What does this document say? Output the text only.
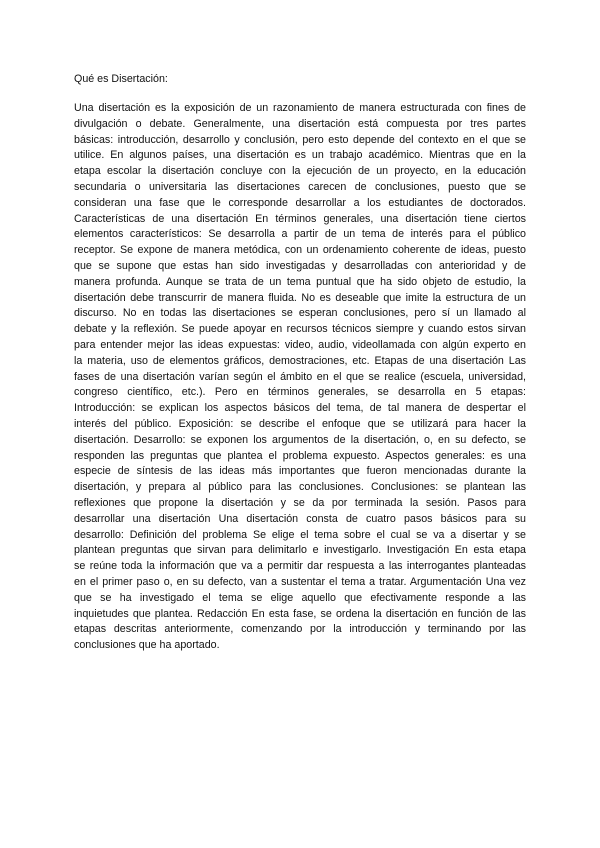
Qué es Disertación:
Una disertación es la exposición de un razonamiento de manera estructurada con fines de
divulgación o debate. Generalmente, una disertación está compuesta por tres partes
básicas: introducción, desarrollo y conclusión, pero esto depende del contexto en el que se
utilice. En algunos países, una disertación es un trabajo académico. Mientras que en la
etapa escolar la disertación concluye con la ejecución de un proyecto, en la educación
secundaria o universitaria las disertaciones carecen de conclusiones, puesto que se
consideran una fase que le corresponde desarrollar a los estudiantes de doctorados.
Características de una disertación En términos generales, una disertación tiene ciertos
elementos característicos: Se desarrolla a partir de un tema de interés para el público
receptor. Se expone de manera metódica, con un ordenamiento coherente de ideas, puesto
que se supone que estas han sido investigadas y desarrolladas con anterioridad y de
manera profunda. Aunque se trata de un tema puntual que ha sido objeto de estudio, la
disertación debe transcurrir de manera fluida. No es deseable que imite la estructura de un
discurso. No en todas las disertaciones se esperan conclusiones, pero sí un llamado al
debate y la reflexión. Se puede apoyar en recursos técnicos siempre y cuando estos sirvan
para entender mejor las ideas expuestas: video, audio, videollamada con algún experto en
la materia, uso de elementos gráficos, demostraciones, etc. Etapas de una disertación Las
fases de una disertación varían según el ámbito en el que se realice (escuela, universidad,
congreso científico, etc.). Pero en términos generales, se desarrolla en 5 etapas:
Introducción: se explican los aspectos básicos del tema, de tal manera de despertar el
interés del público. Exposición: se describe el enfoque que se utilizará para hacer la
disertación. Desarrollo: se exponen los argumentos de la disertación, o, en su defecto, se
responden las preguntas que plantea el problema expuesto. Aspectos generales: es una
especie de síntesis de las ideas más importantes que fueron mencionadas durante la
disertación, y prepara al público para las conclusiones. Conclusiones: se plantean las
reflexiones que propone la disertación y se da por terminada la sesión. Pasos para
desarrollar una disertación Una disertación consta de cuatro pasos básicos para su
desarrollo: Definición del problema Se elige el tema sobre el cual se va a disertar y se
plantean preguntas que sirvan para delimitarlo e investigarlo. Investigación En esta etapa
se reúne toda la información que va a permitir dar respuesta a las interrogantes planteadas
en el primer paso o, en su defecto, van a sustentar el tema a tratar. Argumentación Una vez
que se ha investigado el tema se elige aquello que efectivamente responde a las
inquietudes que plantea. Redacción En esta fase, se ordena la disertación en función de las
etapas descritas anteriormente, comenzando por la introducción y terminando por las
conclusiones que ha aportado.
